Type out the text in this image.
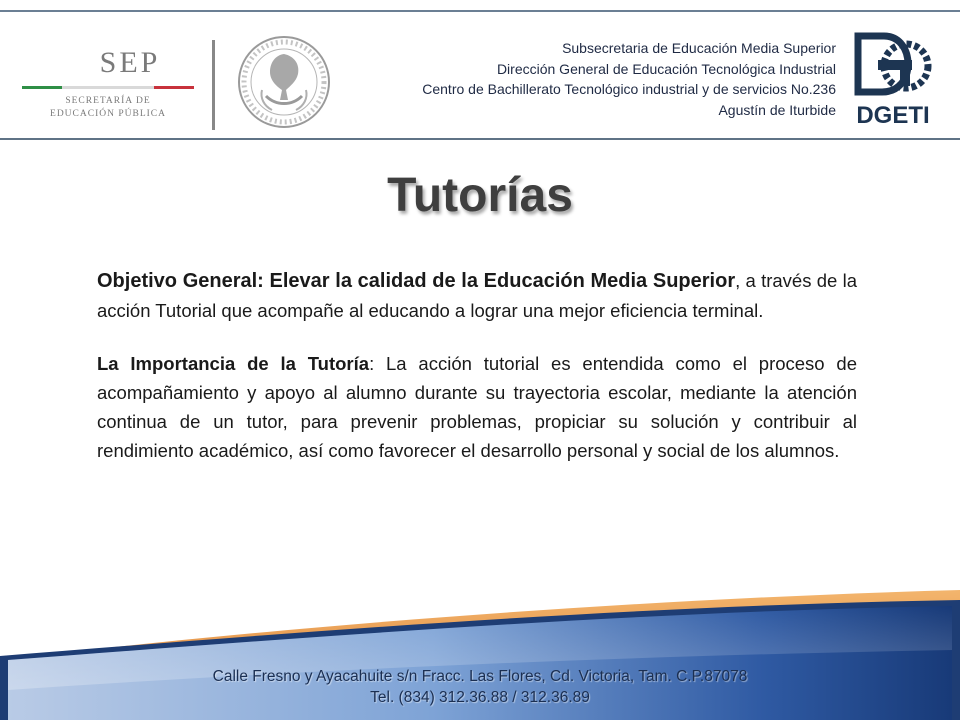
SEP
SECRETARÍA DE
EDUCACIÓN PÚBLICA
Subsecretaria de Educación Media Superior
Dirección General de Educación Tecnológica Industrial
Centro de Bachillerato Tecnológico industrial y de servicios No.236
Agustín de Iturbide DGETI
Tutorías

Objetivo General: Elevar la calidad de la Educación Media Superior, a través de la acción Tutorial que acompañe al educando a lograr una mejor eficiencia terminal.

La Importancia de la Tutoría: La acción tutorial es entendida como el proceso de acompañamiento y apoyo al alumno durante su trayectoria escolar, mediante la atención continua de un tutor, para prevenir problemas, propiciar su solución y contribuir al rendimiento académico, así como favorecer el desarrollo personal y social de los alumnos.

Calle Fresno y Ayacahuite s/n Fracc. Las Flores, Cd. Victoria, Tam. C.P.87078
Tel. (834) 312.36.88 / 312.36.89
